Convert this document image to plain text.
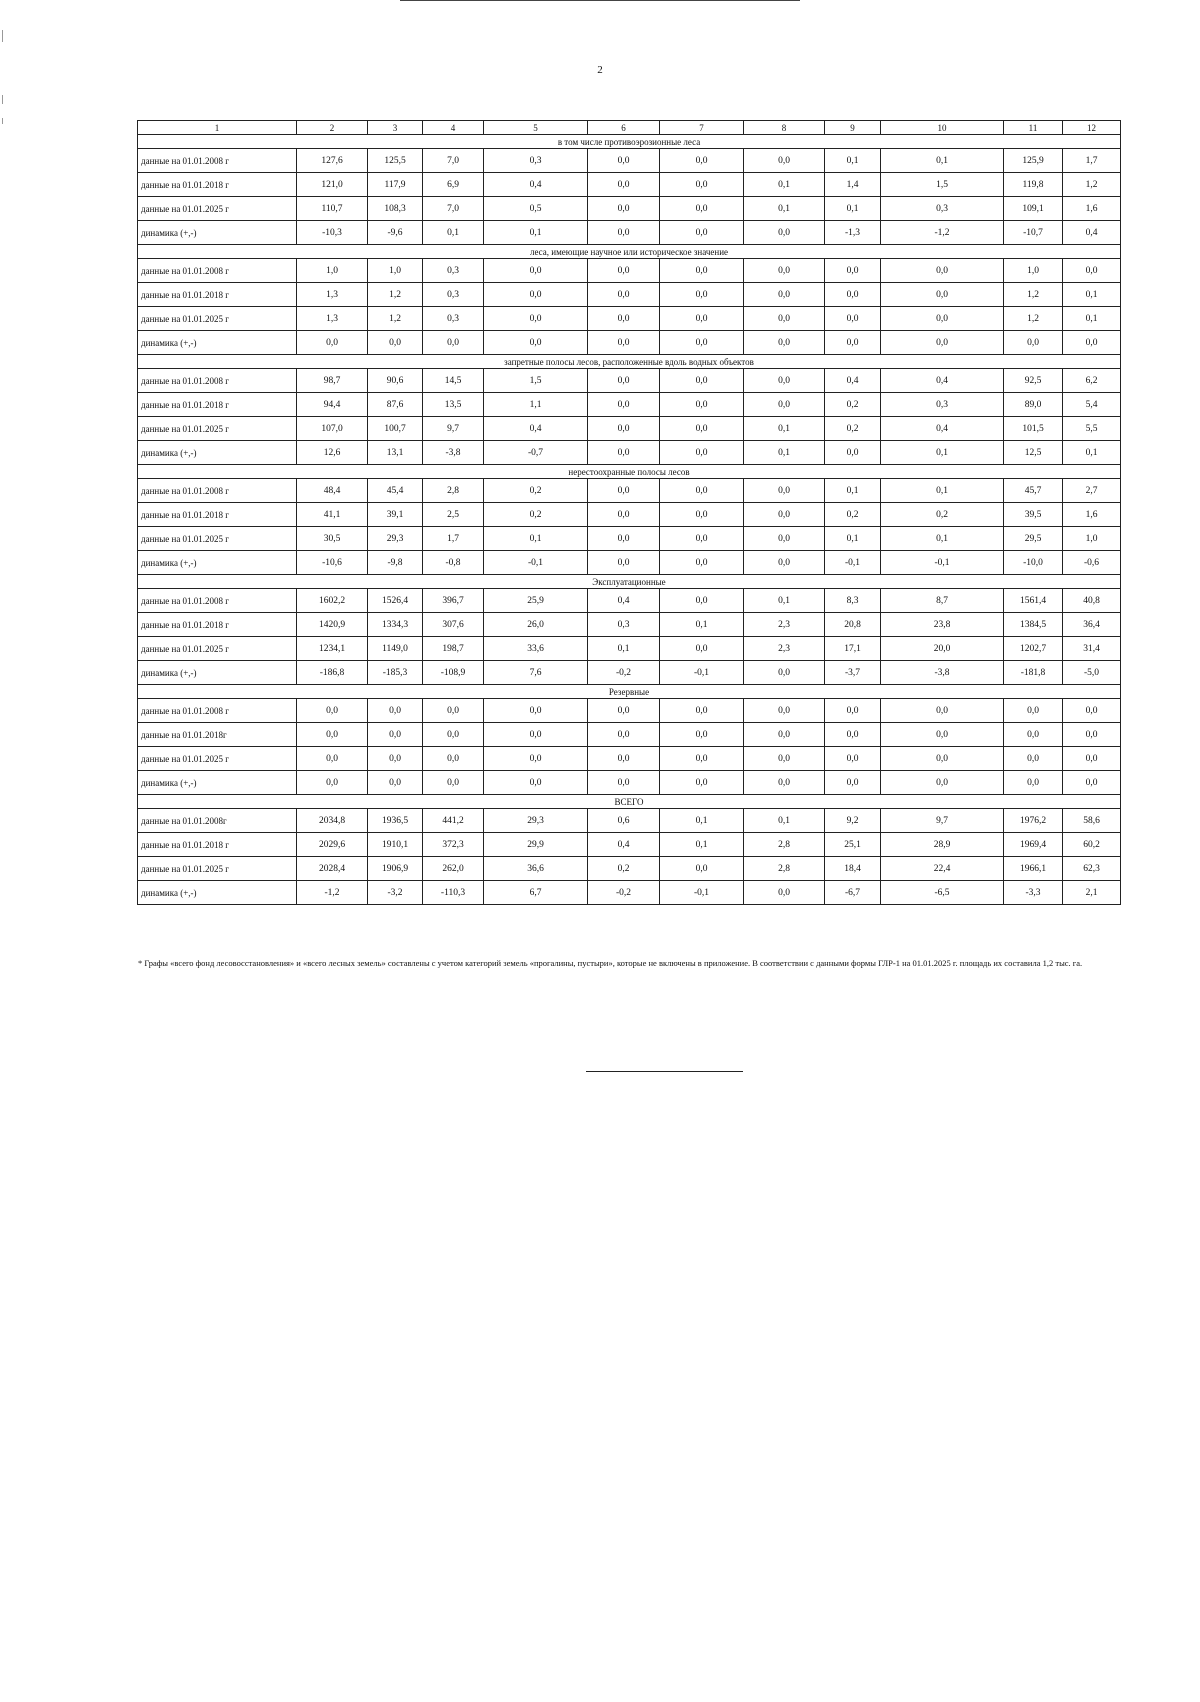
2
1	2	3	4	5	6	7	8	9	10	11	12
в том числе противоэрозионные леса											
данные на 01.01.2008 г	127,6	125,5	7,0	0,3	0,0	0,0	0,0	0,1	0,1	125,9	1,7
данные на 01.01.2018 г	121,0	117,9	6,9	0,4	0,0	0,0	0,1	1,4	1,5	119,8	1,2
данные на 01.01.2025 г	110,7	108,3	7,0	0,5	0,0	0,0	0,1	0,1	0,3	109,1	1,6
динамика (+,-)	-10,3	-9,6	0,1	0,1	0,0	0,0	0,0	-1,3	-1,2	-10,7	0,4
леса, имеющие научное или историческое значение											
данные на 01.01.2008 г	1,0	1,0	0,3	0,0	0,0	0,0	0,0	0,0	0,0	1,0	0,0
данные на 01.01.2018 г	1,3	1,2	0,3	0,0	0,0	0,0	0,0	0,0	0,0	1,2	0,1
данные на 01.01.2025 г	1,3	1,2	0,3	0,0	0,0	0,0	0,0	0,0	0,0	1,2	0,1
динамика (+,-)	0,0	0,0	0,0	0,0	0,0	0,0	0,0	0,0	0,0	0,0	0,0
запретные полосы лесов, расположенные вдоль водных объектов											
данные на 01.01.2008 г	98,7	90,6	14,5	1,5	0,0	0,0	0,0	0,4	0,4	92,5	6,2
данные на 01.01.2018 г	94,4	87,6	13,5	1,1	0,0	0,0	0,0	0,2	0,3	89,0	5,4
данные на 01.01.2025 г	107,0	100,7	9,7	0,4	0,0	0,0	0,1	0,2	0,4	101,5	5,5
динамика (+,-)	12,6	13,1	-3,8	-0,7	0,0	0,0	0,1	0,0	0,1	12,5	0,1
нерестоохранные полосы лесов											
данные на 01.01.2008 г	48,4	45,4	2,8	0,2	0,0	0,0	0,0	0,1	0,1	45,7	2,7
данные на 01.01.2018 г	41,1	39,1	2,5	0,2	0,0	0,0	0,0	0,2	0,2	39,5	1,6
данные на 01.01.2025 г	30,5	29,3	1,7	0,1	0,0	0,0	0,0	0,1	0,1	29,5	1,0
динамика (+,-)	-10,6	-9,8	-0,8	-0,1	0,0	0,0	0,0	-0,1	-0,1	-10,0	-0,6
Эксплуатационные											
данные на 01.01.2008 г	1602,2	1526,4	396,7	25,9	0,4	0,0	0,1	8,3	8,7	1561,4	40,8
данные на 01.01.2018 г	1420,9	1334,3	307,6	26,0	0,3	0,1	2,3	20,8	23,8	1384,5	36,4
данные на 01.01.2025 г	1234,1	1149,0	198,7	33,6	0,1	0,0	2,3	17,1	20,0	1202,7	31,4
динамика (+,-)	-186,8	-185,3	-108,9	7,6	-0,2	-0,1	0,0	-3,7	-3,8	-181,8	-5,0
Резервные											
данные на 01.01.2008 г	0,0	0,0	0,0	0,0	0,0	0,0	0,0	0,0	0,0	0,0	0,0
данные на 01.01.2018г	0,0	0,0	0,0	0,0	0,0	0,0	0,0	0,0	0,0	0,0	0,0
данные на 01.01.2025 г	0,0	0,0	0,0	0,0	0,0	0,0	0,0	0,0	0,0	0,0	0,0
динамика (+,-)	0,0	0,0	0,0	0,0	0,0	0,0	0,0	0,0	0,0	0,0	0,0
ВСЕГО											
данные на 01.01.2008г	2034,8	1936,5	441,2	29,3	0,6	0,1	0,1	9,2	9,7	1976,2	58,6
данные на 01.01.2018 г	2029,6	1910,1	372,3	29,9	0,4	0,1	2,8	25,1	28,9	1969,4	60,2
данные на 01.01.2025 г	2028,4	1906,9	262,0	36,6	0,2	0,0	2,8	18,4	22,4	1966,1	62,3
динамика (+,-)	-1,2	-3,2	-110,3	6,7	-0,2	-0,1	0,0	-6,7	-6,5	-3,3	2,1
* Графы «всего фонд лесовосстановления» и «всего лесных земель» составлены с учетом категорий земель «прогалины, пустыри», которые не включены в приложение. В соответствии с данными формы ГЛР-1 на 01.01.2025 г. площадь их составила 1,2 тыс. га.
